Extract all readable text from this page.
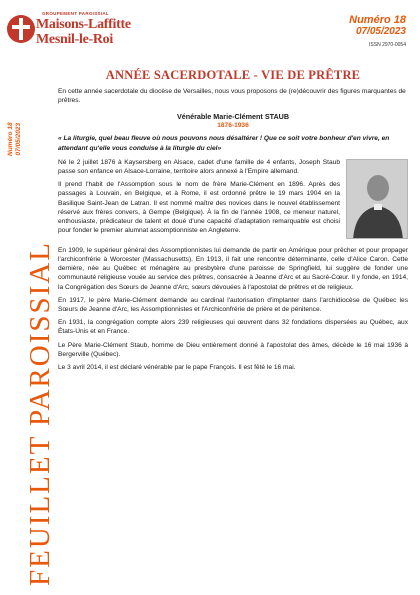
GROUPEMENT PAROISSIAL
Maisons-Laffitte
Mesnil-le-Roi
Numéro 18
07/05/2023
ISSN 2970-0054
Numéro 18 07/05/2023
FEUILLET PAROISSIAL
ANNÉE SACERDOTALE - VIE DE PRÊTRE
En cette année sacerdotale du diocèse de Versailles, nous vous proposons de (re)découvrir des figures marquantes de prêtres.
Vénérable Marie-Clément STAUB
1876-1936
« La liturgie, quel beau fleuve où nous pouvons nous désaltérer ! Que ce soit votre bonheur d'en vivre, en attendant qu'elle vous conduise à la liturgie du ciel»

Né le 2 juillet 1876 à Kaysersberg en Alsace, cadet d'une famille de 4 enfants, Joseph Staub passe son enfance en Alsace-Lorraine, territoire alors annexé à l'Empire allemand.

Il prend l'habit de l'Assomption sous le nom de frère Marie-Clément en 1896. Après des passages à Louvain, en Belgique, et à Rome, il est ordonné prêtre le 19 mars 1904 en la Basilique Saint-Jean de Latran. Il est nommé maître des novices dans le nouvel établissement réservé aux frères convers, à Gempe (Belgique). À la fin de l'année 1908, ce meneur naturel, enthousiaste, prédicateur de talent et doué d'une capacité d'adaptation remarquable est choisi pour fonder le premier alumnat assomptionniste en Angleterre.

En 1909, le supérieur général des Assomptionnistes lui demande de partir en Amérique pour prêcher et pour propager l'archiconfrérie à Worcester (Massachusetts). En 1913, il fait une rencontre déterminante, celle d'Alice Caron. Cette dernière, née au Québec et ménagère au presbytère d'une paroisse de Springfield, lui suggère de fonder une communauté religieuse vouée au service des prêtres, consacrée à Jeanne d'Arc et au Sacré-Cœur. Il y fonde, en 1914, la Congrégation des Sœurs de Jeanne d'Arc, sœurs dévouées à l'apostolat de prêtres et de religieux.

En 1917, le père Marie-Clément demande au cardinal l'autorisation d'implanter dans l'archidiocèse de Québec les Sœurs de Jeanne d'Arc, les Assomptionnistes et l'Archiconfrérie de prière et de pénitence.

En 1931, la congrégation compte alors 239 religieuses qui œuvrent dans 32 fondations dispersées au Québec, aux États-Unis et en France.

Le Père Marie-Clément Staub, homme de Dieu entièrement donné à l'apostolat des âmes, décède le 16 mai 1936 à Bergerville (Québec).

Le 3 avril 2014, il est déclaré vénérable par le pape François. Il est fêté le 16 mai.
